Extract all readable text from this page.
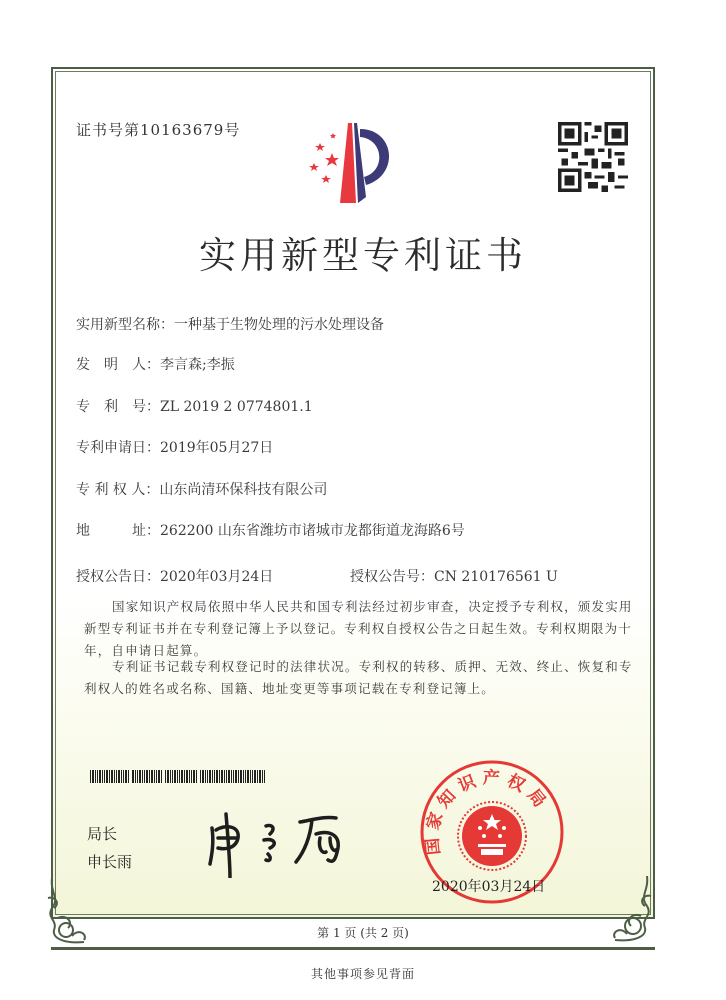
证书号第10163679号
实用新型专利证书
实用新型名称：一种基于生物处理的污水处理设备
发　明　人：李言森;李振
专　利　号：ZL 2019 2 0774801.1
专利申请日：2019年05月27日
专 利 权 人：山东尚清环保科技有限公司
地　　　址：262200 山东省潍坊市诸城市龙都街道龙海路6号
授权公告日：2020年03月24日	授权公告号：CN 210176561 U
国家知识产权局依照中华人民共和国专利法经过初步审查，决定授予专利权，颁发实用新型专利证书并在专利登记簿上予以登记。专利权自授权公告之日起生效。专利权期限为十年，自申请日起算。
专利证书记载专利权登记时的法律状况。专利权的转移、质押、无效、终止、恢复和专利权人的姓名或名称、国籍、地址变更等事项记载在专利登记簿上。
局长
申长雨
国家知识产权局
2020年03月24日
第 1 页 (共 2 页)
其他事项参见背面
